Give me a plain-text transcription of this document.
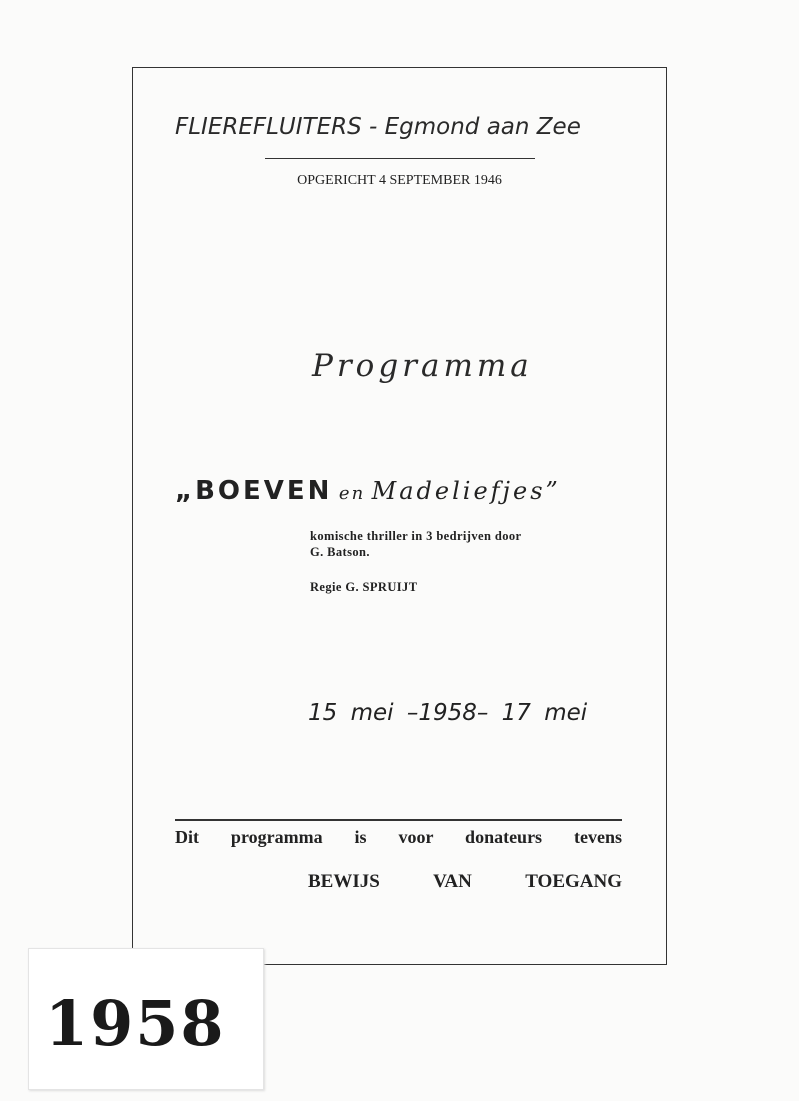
FLIEREFLUITERS - Egmond aan Zee
OPGERICHT 4 SEPTEMBER 1946
Programma
„BOEVEN en Madeliefjes”
komische thriller in 3 bedrijven door
G. Batson.
Regie G. SPRUIJT
15 mei –1958– 17 mei
Dit programma is voor donateurs tevens
BEWIJS VAN TOEGANG
1958
